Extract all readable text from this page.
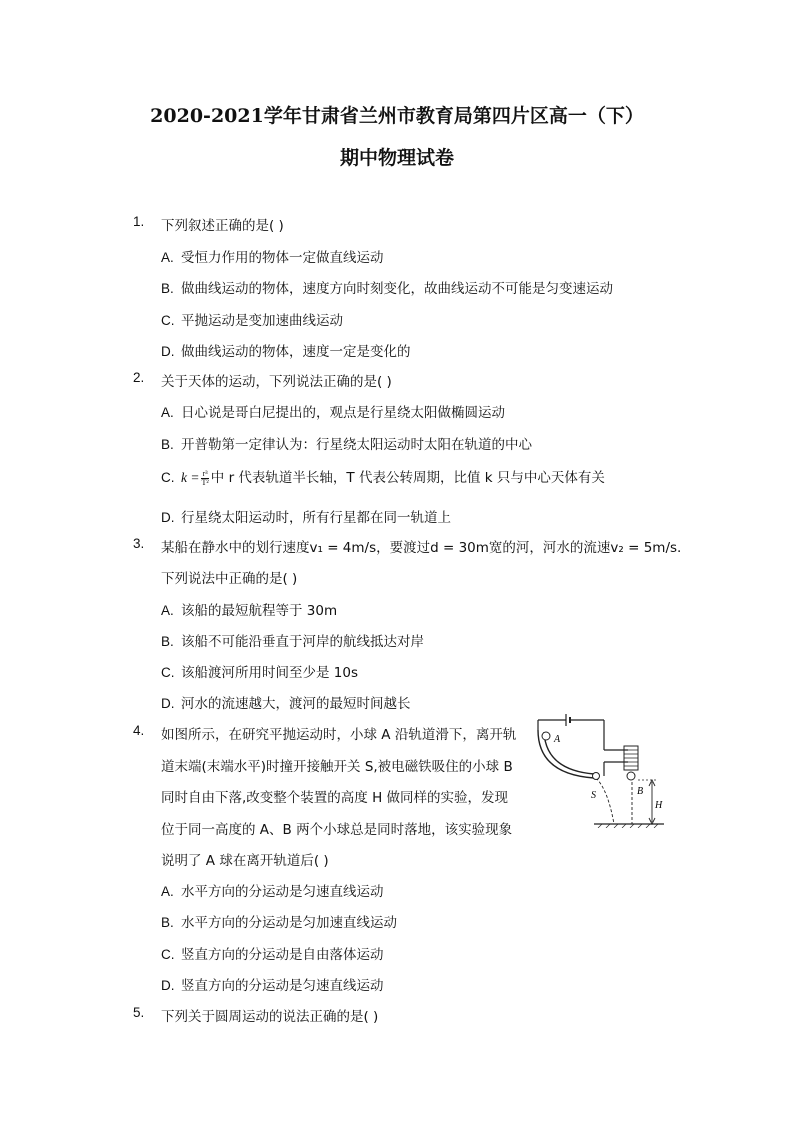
2020-2021学年甘肃省兰州市教育局第四片区高一（下）
期中物理试卷
1. 下列叙述正确的是( )
A. 受恒力作用的物体一定做直线运动
B. 做曲线运动的物体，速度方向时刻变化，故曲线运动不可能是匀变速运动
C. 平抛运动是变加速曲线运动
D. 做曲线运动的物体，速度一定是变化的
2. 关于天体的运动，下列说法正确的是( )
A. 日心说是哥白尼提出的，观点是行星绕太阳做椭圆运动
B. 开普勒第一定律认为：行星绕太阳运动时太阳在轨道的中心
C. $k = \frac{\text{r³}}{\text{T²}}$ 中 r 代表轨道半长轴，T 代表公转周期，比值 k 只与中心天体有关
D. 行星绕太阳运动时，所有行星都在同一轨道上
3. 某船在静水中的划行速度v₁ = 4m/s，要渡过d = 30m宽的河，河水的流速v₂ = 5m/s.
下列说法中正确的是( )
A. 该船的最短航程等于 30m
B. 该船不可能沿垂直于河岸的航线抵达对岸
C. 该船渡河所用时间至少是 10s
D. 河水的流速越大，渡河的最短时间越长
4. 如图所示，在研究平抛运动时，小球 A 沿轨道滑下，离开轨
道末端(末端水平)时撞开接触开关 S,被电磁铁吸住的小球 B
同时自由下落,改变整个装置的高度 H 做同样的实验，发现
位于同一高度的 A、B 两个小球总是同时落地，该实验现象
说明了 A 球在离开轨道后( )
A. 水平方向的分运动是匀速直线运动
B. 水平方向的分运动是匀加速直线运动
C. 竖直方向的分运动是自由落体运动
D. 竖直方向的分运动是匀速直线运动
A
S	B
H
5. 下列关于圆周运动的说法正确的是( )
